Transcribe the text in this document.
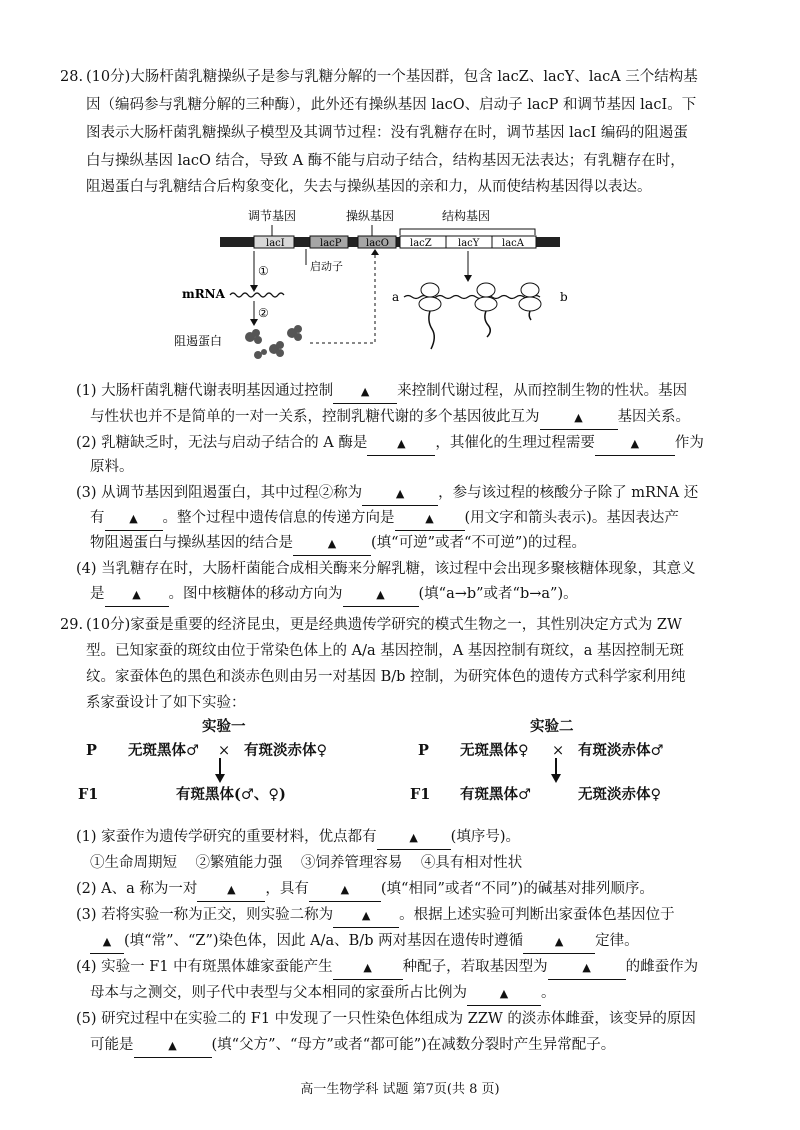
28. (10分)大肠杆菌乳糖操纵子是参与乳糖分解的一个基因群，包含 lacZ、lacY、lacA 三个结构基
因（编码参与乳糖分解的三种酶），此外还有操纵基因 lacO、启动子 lacP 和调节基因 lacI。下
图表示大肠杆菌乳糖操纵子模型及其调节过程：没有乳糖存在时，调节基因 lacI 编码的阻遏蛋
白与操纵基因 lacO 结合，导致 A 酶不能与启动子结合，结构基因无法表达；有乳糖存在时，
阻遏蛋白与乳糖结合后构象变化，失去与操纵基因的亲和力，从而使结构基因得以表达。
调节基因	操纵基因	结构基因
lacI	lacP lacO lacZ	lacY lacA
启动子
①
mRNA
②
阻遏蛋白
a	b
(1) 大肠杆菌乳糖代谢表明基因通过控制	▲ 来控制代谢过程，从而控制生物的性状。基因
与性状也并不是简单的一对一关系，控制乳糖代谢的多个基因彼此互为	▲ 基因关系。
(2) 乳糖缺乏时，无法与启动子结合的 A 酶是	▲ ，其催化的生理过程需要	▲ 作为
原料。
(3) 从调节基因到阻遏蛋白，其中过程②称为	▲ ，参与该过程的核酸分子除了 mRNA 还
有 ▲ 。整个过程中遗传信息的传递方向是	▲ (用文字和箭头表示)。基因表达产
物阻遏蛋白与操纵基因的结合是	▲ (填“可逆”或者“不可逆”)的过程。
(4) 当乳糖存在时，大肠杆菌能合成相关酶来分解乳糖，该过程中会出现多聚核糖体现象，其意义
是	▲ 。图中核糖体的移动方向为	▲ (填“a→b”或者“b→a”)。
29. (10分)家蚕是重要的经济昆虫，更是经典遗传学研究的模式生物之一，其性别决定方式为 ZW
型。已知家蚕的斑纹由位于常染色体上的 A/a 基因控制，A 基因控制有斑纹，a 基因控制无斑
纹。家蚕体色的黑色和淡赤色则由另一对基因 B/b 控制，为研究体色的遗传方式科学家利用纯
系家蚕设计了如下实验：
实验一
P 无斑黑体♂ × 有斑淡赤体♀
F1	有斑黑体(♂、♀)
实验二
P 无斑黑体♀ × 有斑淡赤体♂
F1 有斑黑体♂	无斑淡赤体♀
(1) 家蚕作为遗传学研究的重要材料，优点都有	▲ (填序号)。
①生命周期短 ②繁殖能力强 ③饲养管理容易 ④具有相对性状
(2) A、a 称为一对	▲ ，具有	▲ (填“相同”或者“不同”)的碱基对排列顺序。
(3) 若将实验一称为正交，则实验二称为	▲ 。根据上述实验可判断出家蚕体色基因位于
▲ (填“常”、“Z”)染色体，因此 A/a、B/b 两对基因在遗传时遵循	▲ 定律。
(4) 实验一 F1 中有斑黑体雄家蚕能产生	▲ 种配子，若取基因型为	▲ 的雌蚕作为
母本与之测交，则子代中表型与父本相同的家蚕所占比例为	▲ 。
(5) 研究过程中在实验二的 F1 中发现了一只性染色体组成为 ZZW 的淡赤体雌蚕，该变异的原因
可能是	▲ (填“父方”、“母方”或者“都可能”)在减数分裂时产生异常配子。
高一生物学科 试题 第7页(共 8 页)
